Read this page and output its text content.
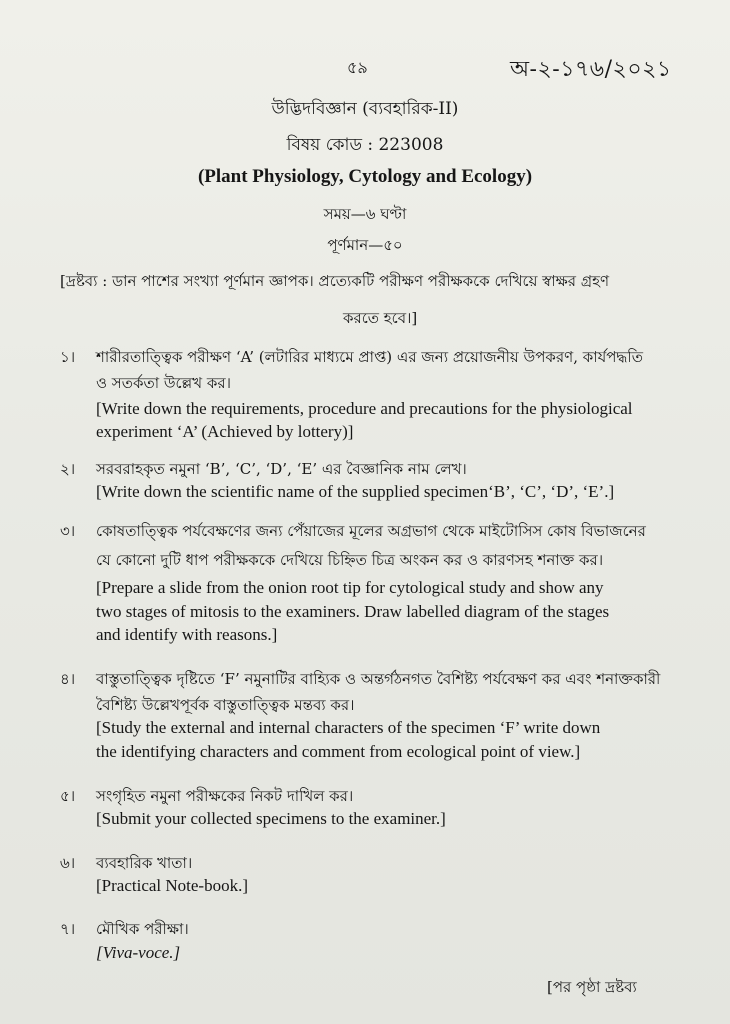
৫৯	অ-২-১৭৬/২০২১
উদ্ভিদবিজ্ঞান (ব্যবহারিক-II)
বিষয় কোড : 223008
(Plant Physiology, Cytology and Ecology)
সময়—৬ ঘণ্টা
পূর্ণমান—৫০
[দ্রষ্টব্য : ডান পাশের সংখ্যা পূর্ণমান জ্ঞাপক। প্রত্যেকটি পরীক্ষণ পরীক্ষককে দেখিয়ে স্বাক্ষর গ্রহণ
করতে হবে।]
১। শারীরতাত্ত্বিক পরীক্ষণ ‘A’ (লটারির মাধ্যমে প্রাপ্ত) এর জন্য প্রয়োজনীয় উপকরণ, কার্যপদ্ধতি
ও সতর্কতা উল্লেখ কর।
[Write down the requirements, procedure and precautions for the physiological
experiment ‘A’ (Achieved by lottery)]
২। সরবরাহকৃত নমুনা ‘B’, ‘C’, ‘D’, ‘E’ এর বৈজ্ঞানিক নাম লেখ।
[Write down the scientific name of the supplied specimen‘B’, ‘C’, ‘D’, ‘E’.]
৩। কোষতাত্ত্বিক পর্যবেক্ষণের জন্য পেঁয়াজের মূলের অগ্রভাগ থেকে মাইটোসিস কোষ বিভাজনের
যে কোনো দুটি ধাপ পরীক্ষককে দেখিয়ে চিহ্নিত চিত্র অংকন কর ও কারণসহ শনাক্ত কর।
[Prepare a slide from the onion root tip for cytological study and show any
two stages of mitosis to the examiners. Draw labelled diagram of the stages
and identify with reasons.]
৪। বাস্তুতাত্ত্বিক দৃষ্টিতে ‘F’ নমুনাটির বাহ্যিক ও অন্তর্গঠনগত বৈশিষ্ট্য পর্যবেক্ষণ কর এবং শনাক্তকারী
বৈশিষ্ট্য উল্লেখপূর্বক বাস্তুতাত্ত্বিক মন্তব্য কর।
[Study the external and internal characters of the specimen ‘F’ write down
the identifying characters and comment from ecological point of view.]
৫। সংগৃহিত নমুনা পরীক্ষকের নিকট দাখিল কর।
[Submit your collected specimens to the examiner.]
৬। ব্যবহারিক খাতা।
[Practical Note-book.]
৭। মৌখিক পরীক্ষা।
[Viva-voce.]
[পর পৃষ্ঠা দ্রষ্টব্য
